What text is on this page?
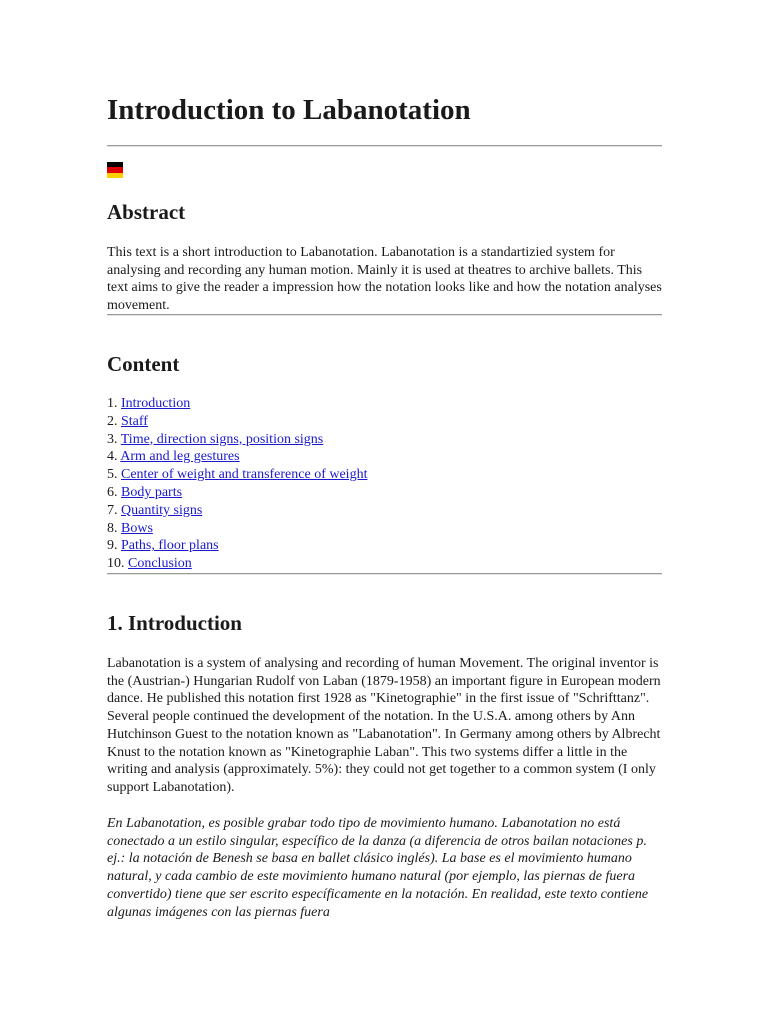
Introduction to Labanotation
Abstract

This text is a short introduction to Labanotation. Labanotation is a standartizied system for analysing and recording any human motion. Mainly it is used at theatres to archive ballets. This text aims to give the reader a impression how the notation looks like and how the notation analyses movement.

Content
1. Introduction
2. Staff
3. Time, direction signs, position signs
4. Arm and leg gestures
5. Center of weight and transference of weight
6. Body parts
7. Quantity signs
8. Bows
9. Paths, floor plans
10. Conclusion
1. Introduction

Labanotation is a system of analysing and recording of human Movement. The original inventor is the (Austrian-) Hungarian Rudolf von Laban (1879-1958) an important figure in European modern dance. He published this notation first 1928 as "Kinetographie" in the first issue of "Schrifttanz". Several people continued the development of the notation. In the U.S.A. among others by Ann Hutchinson Guest to the notation known as "Labanotation". In Germany among others by Albrecht Knust to the notation known as "Kinetographie Laban". This two systems differ a little in the writing and analysis (approximately. 5%): they could not get together to a common system (I only support Labanotation).

En Labanotation, es posible grabar todo tipo de movimiento humano. Labanotation no está conectado a un estilo singular, específico de la danza (a diferencia de otros bailan notaciones p. ej.: la notación de Benesh se basa en ballet clásico inglés). La base es el movimiento humano natural, y cada cambio de este movimiento humano natural (por ejemplo, las piernas de fuera convertido) tiene que ser escrito específicamente en la notación. En realidad, este texto contiene algunas imágenes con las piernas fuera
